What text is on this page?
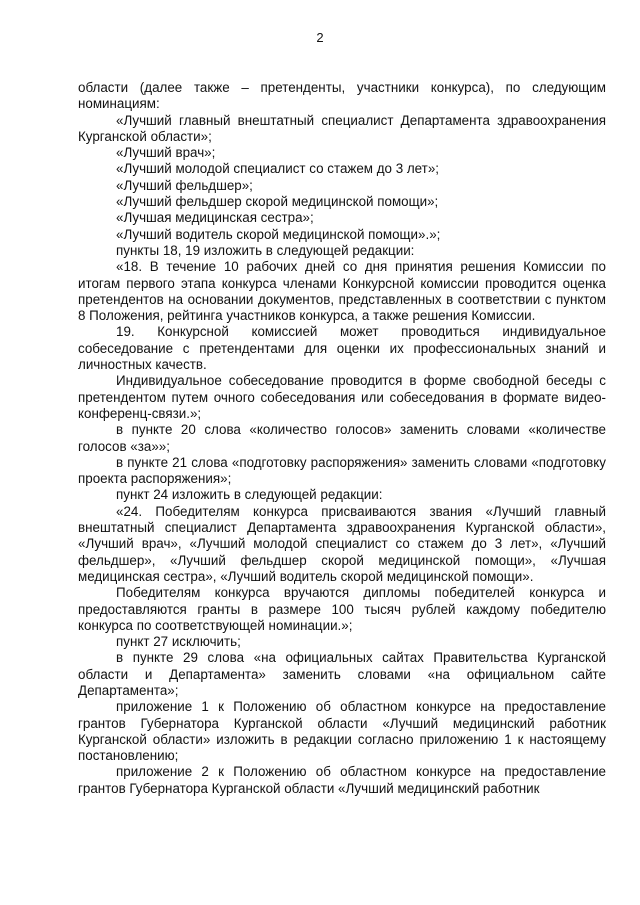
2

области (далее также – претенденты, участники конкурса), по следующим номинациям:

«Лучший главный внештатный специалист Департамента здравоохранения Курганской области»;

«Лучший врач»;

«Лучший молодой специалист со стажем до 3 лет»;

«Лучший фельдшер»;

«Лучший фельдшер скорой медицинской помощи»;

«Лучшая медицинская сестра»;

«Лучший водитель скорой медицинской помощи».»;

пункты 18, 19 изложить в следующей редакции:

«18. В течение 10 рабочих дней со дня принятия решения Комиссии по итогам первого этапа конкурса членами Конкурсной комиссии проводится оценка претендентов на основании документов, представленных в соответствии с пунктом 8 Положения, рейтинга участников конкурса, а также решения Комиссии.

19. Конкурсной комиссией может проводиться индивидуальное собеседование с претендентами для оценки их профессиональных знаний и личностных качеств.

Индивидуальное собеседование проводится в форме свободной беседы с претендентом путем очного собеседования или собеседования в формате видео-конференц-связи.»;

в пункте 20 слова «количество голосов» заменить словами «количестве голосов «за»»;

в пункте 21 слова «подготовку распоряжения» заменить словами «подготовку проекта распоряжения»;

пункт 24 изложить в следующей редакции:

«24. Победителям конкурса присваиваются звания «Лучший главный внештатный специалист Департамента здравоохранения Курганской области», «Лучший врач», «Лучший молодой специалист со стажем до 3 лет», «Лучший фельдшер», «Лучший фельдшер скорой медицинской помощи», «Лучшая медицинская сестра», «Лучший водитель скорой медицинской помощи».

Победителям конкурса вручаются дипломы победителей конкурса и предоставляются гранты в размере 100 тысяч рублей каждому победителю конкурса по соответствующей номинации.»;

пункт 27 исключить;

в пункте 29 слова «на официальных сайтах Правительства Курганской области и Департамента» заменить словами «на официальном сайте Департамента»;

приложение 1 к Положению об областном конкурсе на предоставление грантов Губернатора Курганской области «Лучший медицинский работник Курганской области» изложить в редакции согласно приложению 1 к настоящему постановлению;

приложение 2 к Положению об областном конкурсе на предоставление грантов Губернатора Курганской области «Лучший медицинский работник
